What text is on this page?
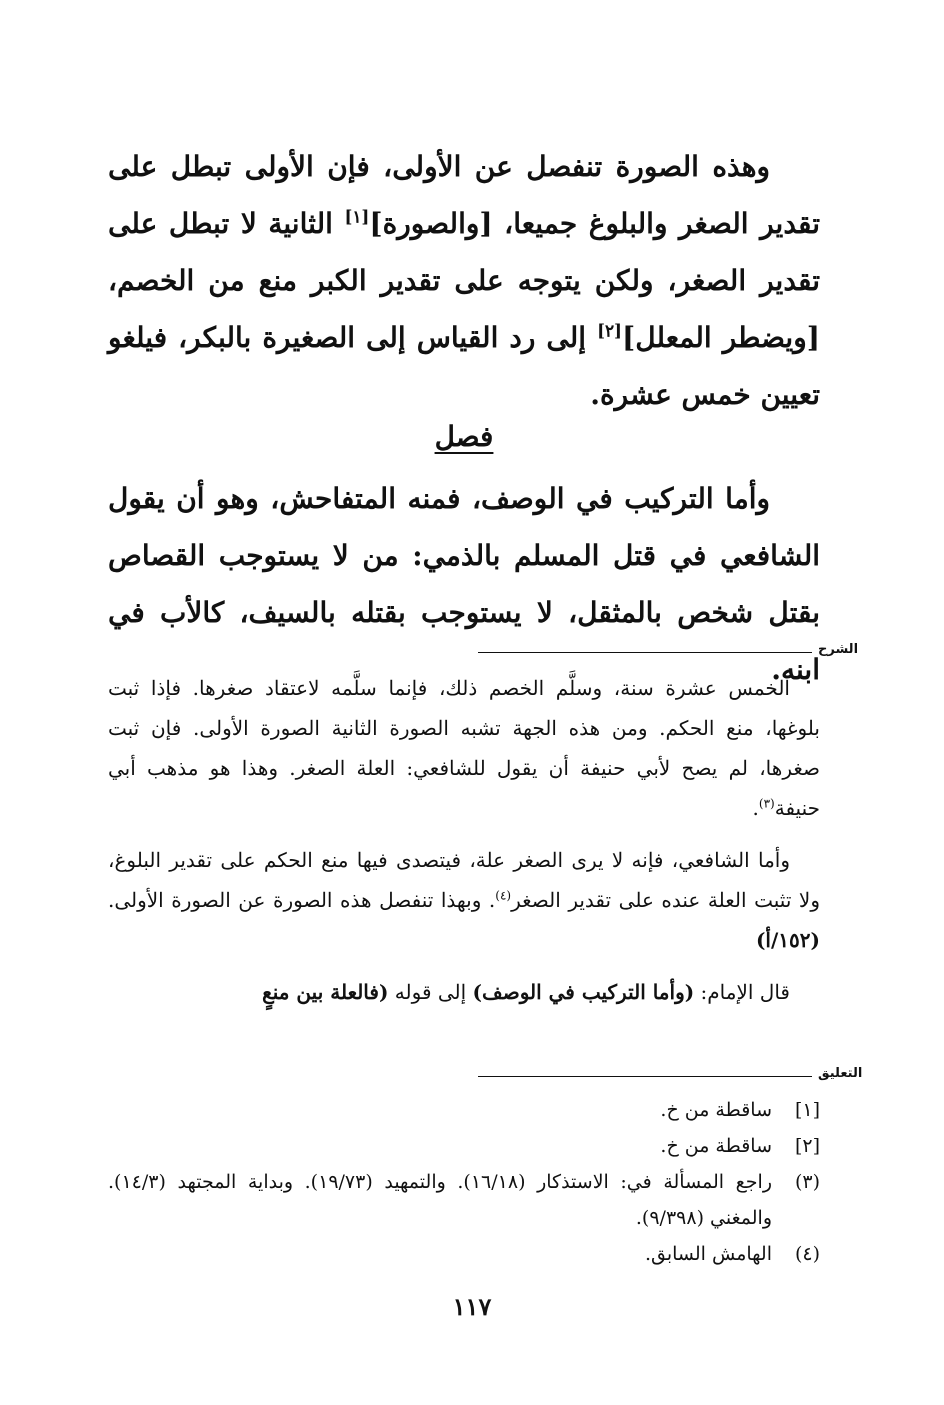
وهذه الصورة تنفصل عن الأولى، فإن الأولى تبطل على تقدير الصغر والبلوغ جميعا، [والصورة][١] الثانية لا تبطل على تقدير الصغر، ولكن يتوجه على تقدير الكبر منع من الخصم، [ويضطر المعلل][٢] إلى رد القياس إلى الصغيرة بالبكر، فيلغو تعيين خمس عشرة.

فصل

وأما التركيب في الوصف، فمنه المتفاحش، وهو أن يقول الشافعي في قتل المسلم بالذمي: من لا يستوجب القصاص بقتل شخص بالمثقل، لا يستوجب بقتله بالسيف، كالأب في ابنه.

الشرح

الخمس عشرة سنة، وسلَّم الخصم ذلك، فإنما سلَّمه لاعتقاد صغرها. فإذا ثبت بلوغها، منع الحكم. ومن هذه الجهة تشبه الصورة الثانية الصورة الأولى. فإن ثبت صغرها، لم يصح لأبي حنيفة أن يقول للشافعي: العلة الصغر. وهذا هو مذهب أبي حنيفة$^{(٣)}$.

وأما الشافعي، فإنه لا يرى الصغر علة، فيتصدى فيها منع الحكم على تقدير البلوغ، ولا تثبت العلة عنده على تقدير الصغر$^{(٤)}$. وبهذا تنفصل هذه الصورة عن الصورة الأولى. (١٥٢/أ)

قال الإمام: (وأما التركيب في الوصف) إلى قوله (فالعلة بين منعٍ

التعليق
[١]
ساقطة من خ.
[٢]
ساقطة من خ.
(٣)
راجع المسألة في: الاستذكار (١٦/١٨). والتمهيد (١٩/٧٣). وبداية المجتهد (١٤/٣). والمغني (٩/٣٩٨).
(٤)
الهامش السابق.
١١٧
